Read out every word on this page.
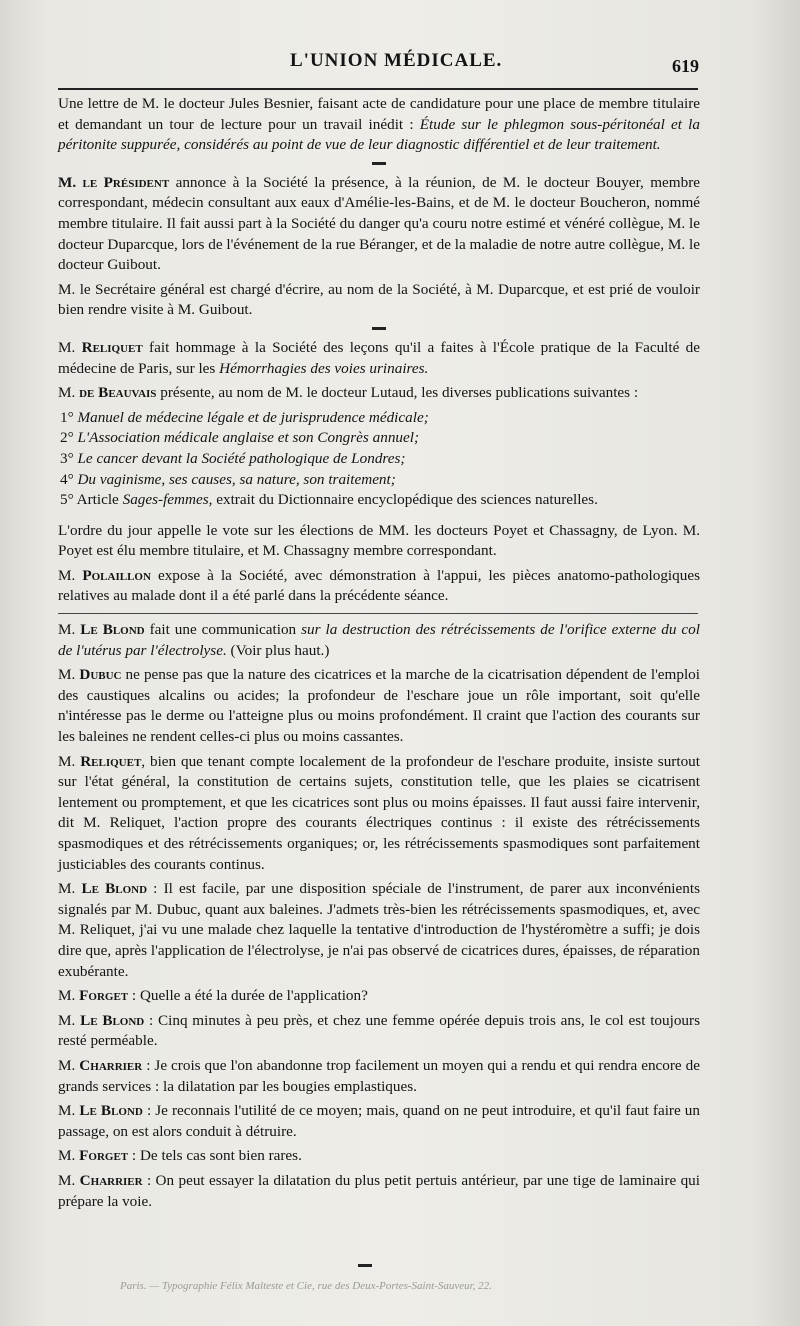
L'UNION MÉDICALE.	619

Une lettre de M. le docteur Jules Besnier, faisant acte de candidature pour une place de membre titulaire et demandant un tour de lecture pour un travail inédit : Étude sur le phlegmon sous-péritonéal et la péritonite suppurée, considérés au point de vue de leur diagnostic différentiel et de leur traitement.

M. le Président annonce à la Société la présence, à la réunion, de M. le docteur Bouyer, membre correspondant, médecin consultant aux eaux d'Amélie-les-Bains, et de M. le docteur Boucheron, nommé membre titulaire. Il fait aussi part à la Société du danger qu'a couru notre estimé et vénéré collègue, M. le docteur Duparcque, lors de l'événement de la rue Béranger, et de la maladie de notre autre collègue, M. le docteur Guibout.

M. le Secrétaire général est chargé d'écrire, au nom de la Société, à M. Duparcque, et est prié de vouloir bien rendre visite à M. Guibout.

M. Reliquet fait hommage à la Société des leçons qu'il a faites à l'École pratique de la Faculté de médecine de Paris, sur les Hémorrhagies des voies urinaires.

M. de Beauvais présente, au nom de M. le docteur Lutaud, les diverses publications suivantes :

1° Manuel de médecine légale et de jurisprudence médicale;
2° L'Association médicale anglaise et son Congrès annuel;
3° Le cancer devant la Société pathologique de Londres;
4° Du vaginisme, ses causes, sa nature, son traitement;
5° Article Sages-femmes, extrait du Dictionnaire encyclopédique des sciences naturelles.

L'ordre du jour appelle le vote sur les élections de MM. les docteurs Poyet et Chassagny, de Lyon. M. Poyet est élu membre titulaire, et M. Chassagny membre correspondant.

M. Polaillon expose à la Société, avec démonstration à l'appui, les pièces anatomo-pathologiques relatives au malade dont il a été parlé dans la précédente séance.

M. Le Blond fait une communication sur la destruction des rétrécissements de l'orifice externe du col de l'utérus par l'électrolyse. (Voir plus haut.)

M. Dubuc ne pense pas que la nature des cicatrices et la marche de la cicatrisation dépendent de l'emploi des caustiques alcalins ou acides; la profondeur de l'eschare joue un rôle important, soit qu'elle n'intéresse pas le derme ou l'atteigne plus ou moins profondément. Il craint que l'action des courants sur les baleines ne rendent celles-ci plus ou moins cassantes.

M. Reliquet, bien que tenant compte localement de la profondeur de l'eschare produite, insiste surtout sur l'état général, la constitution de certains sujets, constitution telle, que les plaies se cicatrisent lentement ou promptement, et que les cicatrices sont plus ou moins épaisses. Il faut aussi faire intervenir, dit M. Reliquet, l'action propre des courants électriques continus : il existe des rétrécissements spasmodiques et des rétrécissements organiques; or, les rétrécissements spasmodiques sont parfaitement justiciables des courants continus.

M. Le Blond : Il est facile, par une disposition spéciale de l'instrument, de parer aux inconvénients signalés par M. Dubuc, quant aux baleines. J'admets très-bien les rétrécissements spasmodiques, et, avec M. Reliquet, j'ai vu une malade chez laquelle la tentative d'introduction de l'hystéromètre a suffi; je dois dire que, après l'application de l'électrolyse, je n'ai pas observé de cicatrices dures, épaisses, de réparation exubérante.

M. Forget : Quelle a été la durée de l'application?

M. Le Blond : Cinq minutes à peu près, et chez une femme opérée depuis trois ans, le col est toujours resté perméable.

M. Charrier : Je crois que l'on abandonne trop facilement un moyen qui a rendu et qui rendra encore de grands services : la dilatation par les bougies emplastiques.

M. Le Blond : Je reconnais l'utilité de ce moyen; mais, quand on ne peut introduire, et qu'il faut faire un passage, on est alors conduit à détruire.

M. Forget : De tels cas sont bien rares.

M. Charrier : On peut essayer la dilatation du plus petit pertuis antérieur, par une tige de laminaire qui prépare la voie.

Paris. — Typographie Félix Malteste et Cie, rue des Deux-Portes-Saint-Sauveur, 22.
